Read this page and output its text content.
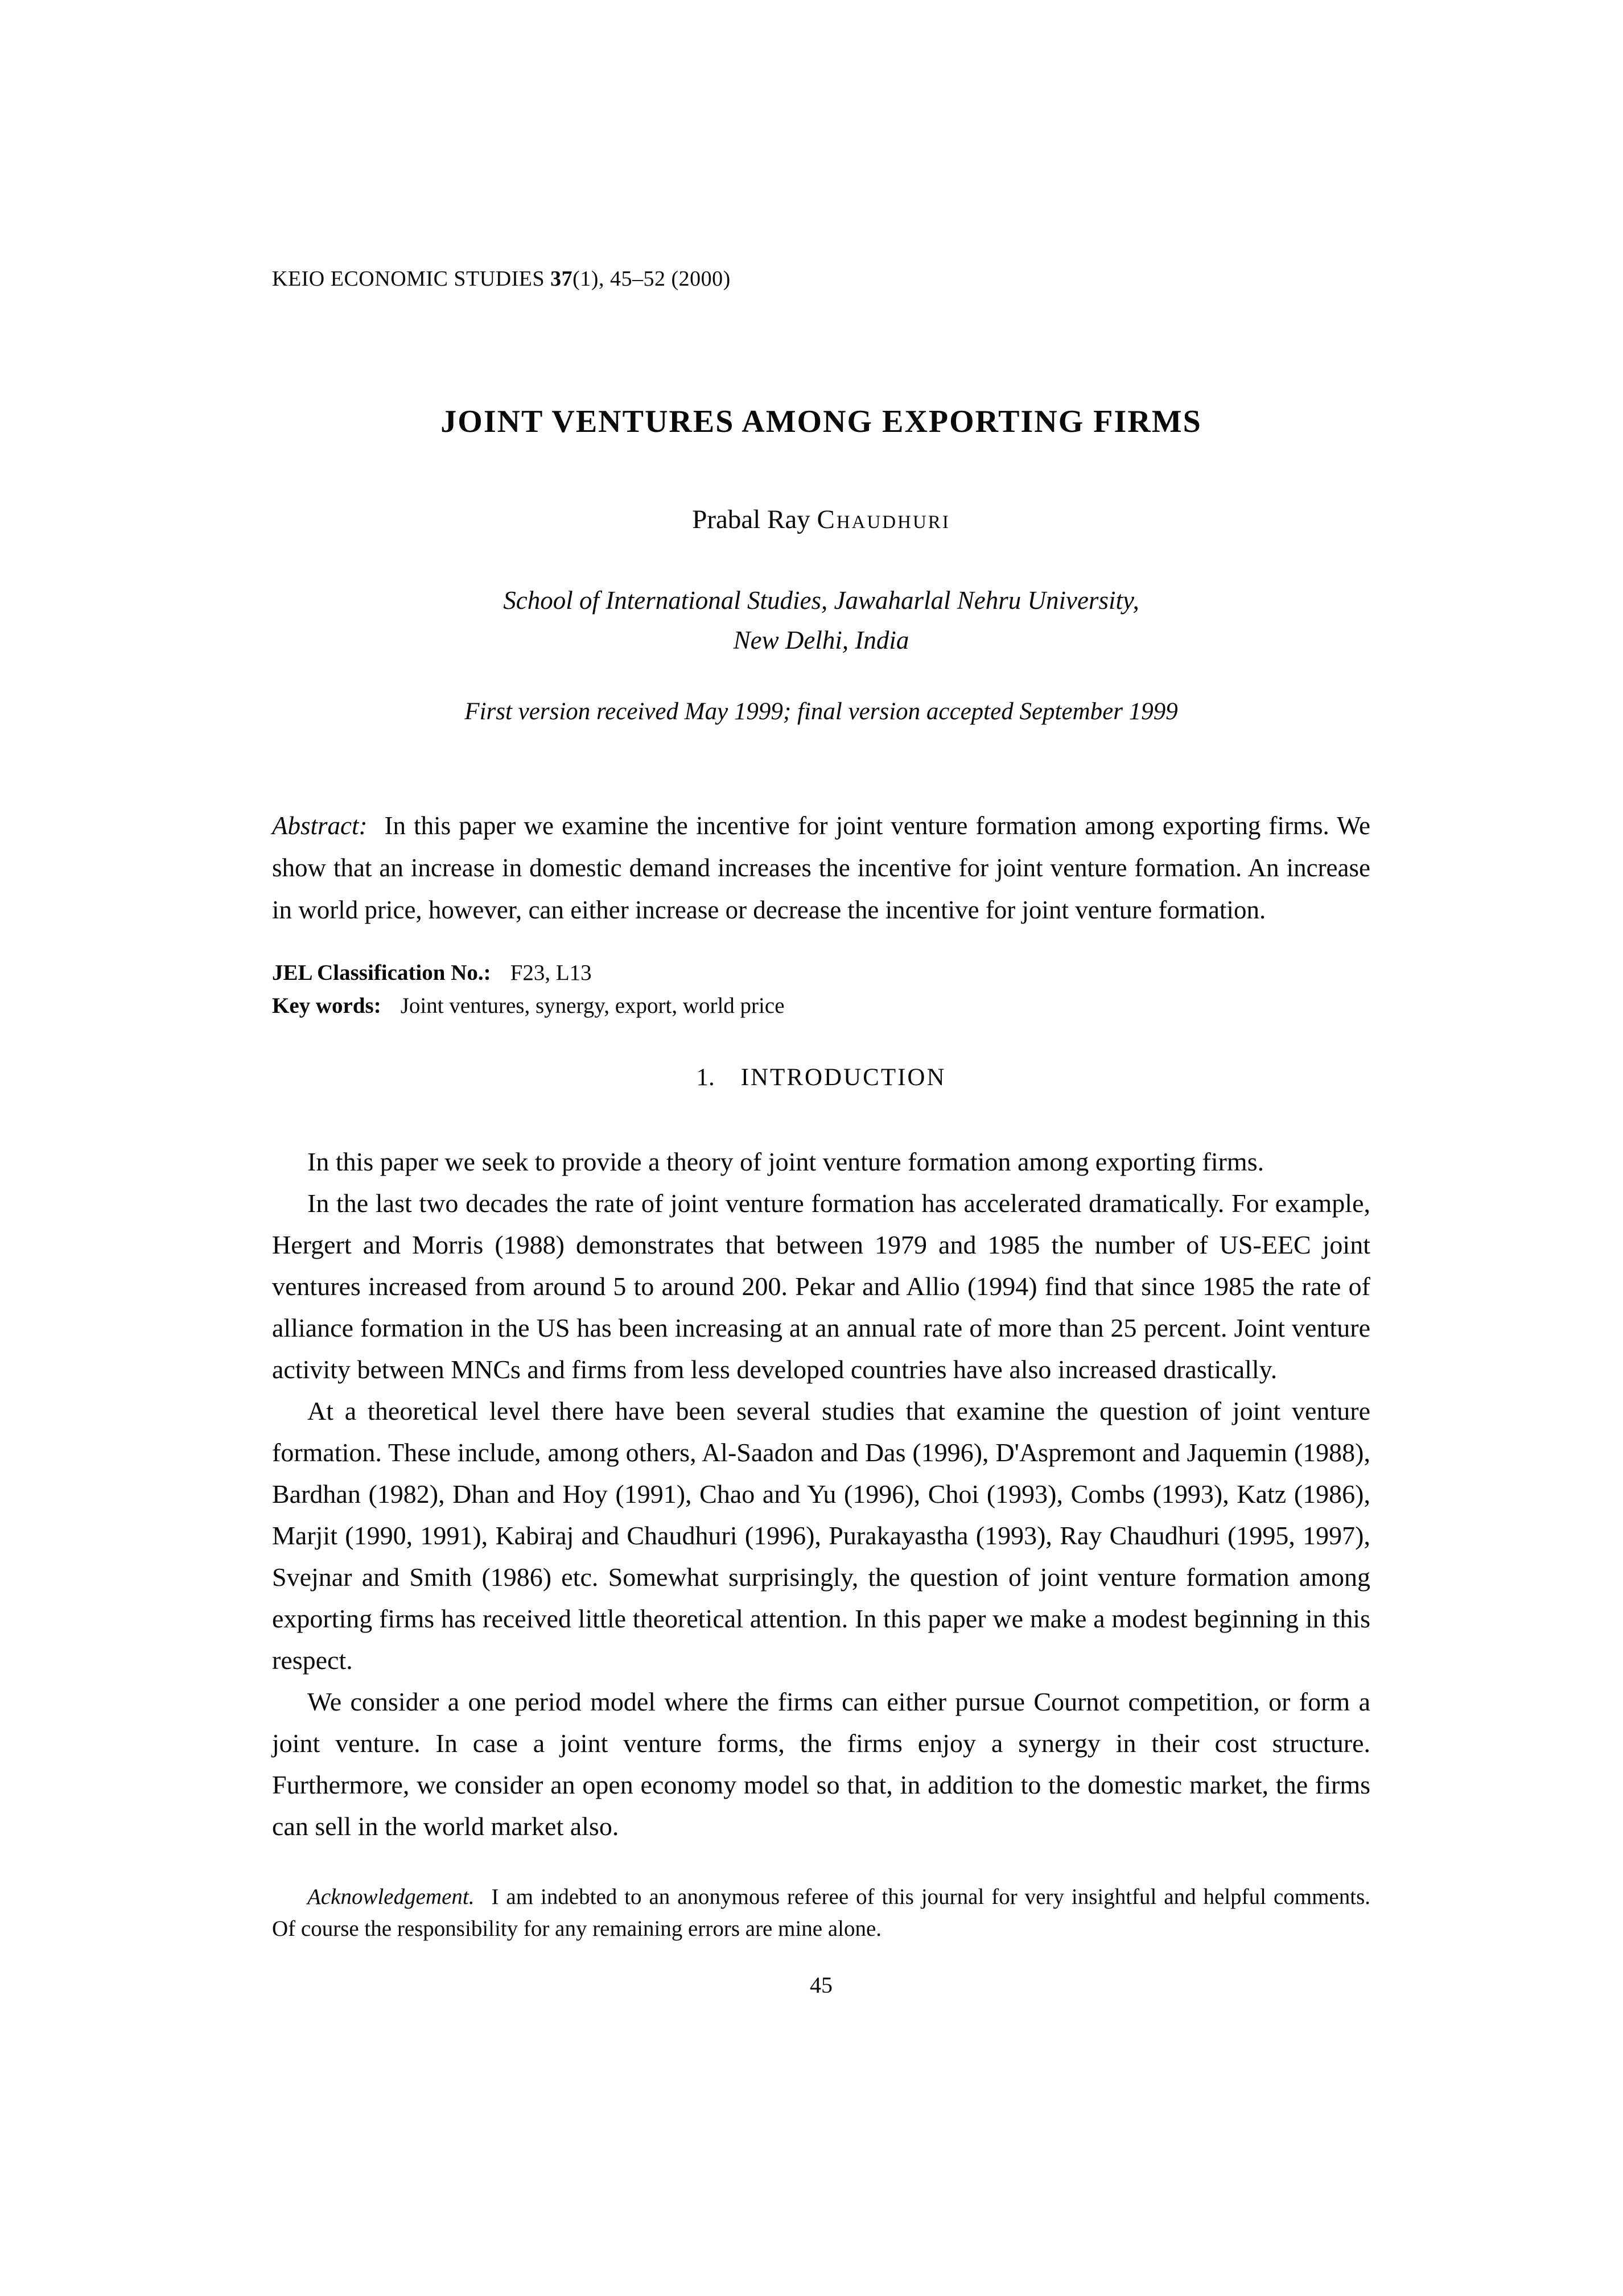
KEIO ECONOMIC STUDIES 37(1), 45–52 (2000)
JOINT VENTURES AMONG EXPORTING FIRMS
Prabal Ray Chaudhuri
School of International Studies, Jawaharlal Nehru University,
New Delhi, India
First version received May 1999; final version accepted September 1999

Abstract: In this paper we examine the incentive for joint venture formation among exporting firms. We show that an increase in domestic demand increases the incentive for joint venture formation. An increase in world price, however, can either increase or decrease the incentive for joint venture formation.

JEL Classification No.: F23, L13
Key words: Joint ventures, synergy, export, world price
1. INTRODUCTION

In this paper we seek to provide a theory of joint venture formation among exporting firms.

In the last two decades the rate of joint venture formation has accelerated dramatically. For example, Hergert and Morris (1988) demonstrates that between 1979 and 1985 the number of US-EEC joint ventures increased from around 5 to around 200. Pekar and Allio (1994) find that since 1985 the rate of alliance formation in the US has been increasing at an annual rate of more than 25 percent. Joint venture activity between MNCs and firms from less developed countries have also increased drastically.

At a theoretical level there have been several studies that examine the question of joint venture formation. These include, among others, Al-Saadon and Das (1996), D'Aspremont and Jaquemin (1988), Bardhan (1982), Dhan and Hoy (1991), Chao and Yu (1996), Choi (1993), Combs (1993), Katz (1986), Marjit (1990, 1991), Kabiraj and Chaudhuri (1996), Purakayastha (1993), Ray Chaudhuri (1995, 1997), Svejnar and Smith (1986) etc. Somewhat surprisingly, the question of joint venture formation among exporting firms has received little theoretical attention. In this paper we make a modest beginning in this respect.

We consider a one period model where the firms can either pursue Cournot competition, or form a joint venture. In case a joint venture forms, the firms enjoy a synergy in their cost structure. Furthermore, we consider an open economy model so that, in addition to the domestic market, the firms can sell in the world market also.

Acknowledgement. I am indebted to an anonymous referee of this journal for very insightful and helpful comments. Of course the responsibility for any remaining errors are mine alone.

45
